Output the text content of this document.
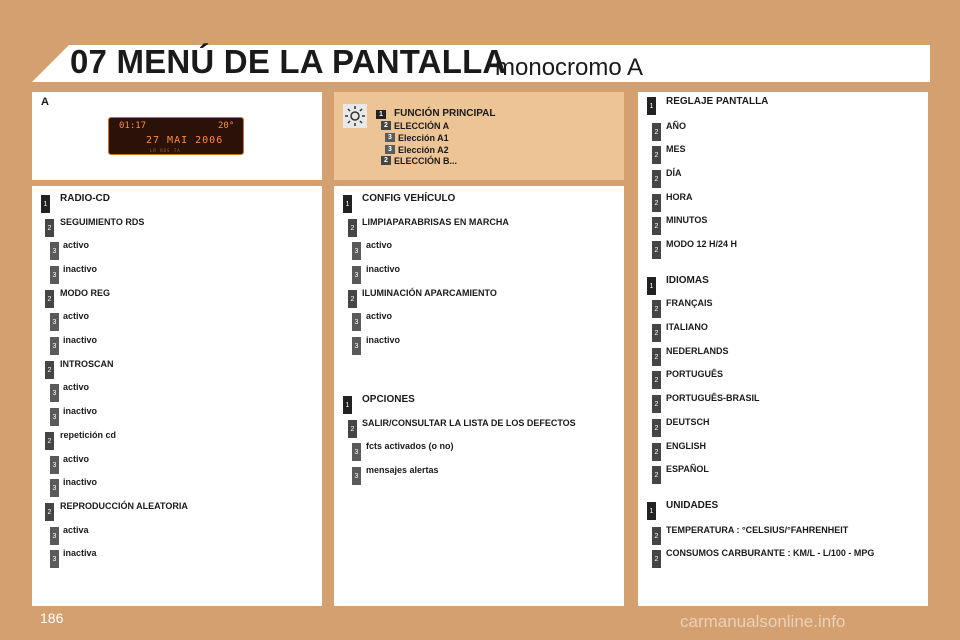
07 MENÚ DE LA PANTALLA
monocromo A
A
01:17	20°
27 MAI 2006
LR RDS TA
1	FUNCIÓN PRINCIPAL
2 ELECCIÓN A
3 Elección A1
3 Elección A2
2 ELECCIÓN B...
1 RADIO-CD
2
SEGUIMIENTO RDS
3
activo
3
inactivo
2
MODO REG
3
activo
3
inactivo
2
INTROSCAN
3
activo
3
inactivo
2
repetición cd
3
activo
3
inactivo
2
REPRODUCCIÓN ALEATORIA
3
activa
3
inactiva
1 CONFIG VEHÍCULO
2
LIMPIAPARABRISAS EN MARCHA
3
activo
3
inactivo
2
ILUMINACIÓN APARCAMIENTO
3
activo
3
inactivo
1 OPCIONES
2
SALIR/CONSULTAR LA LISTA DE LOS DEFECTOS
3
fcts activados (o no)
3
mensajes alertas
1 REGLAJE PANTALLA
2
AÑO
2
MES
2
DÍA
2
HORA
2
MINUTOS
2
MODO 12 H/24 H
1 IDIOMAS
2
FRANÇAIS
2
ITALIANO
2
NEDERLANDS
2
PORTUGUÊS
2
PORTUGUÊS-BRASIL
2
DEUTSCH
2
ENGLISH
2
ESPAÑOL
1 UNIDADES
2
TEMPERATURA : °CELSIUS/°FAHRENHEIT
2
CONSUMOS CARBURANTE : KM/L - L/100 - MPG
186	carmanualsonline.info
